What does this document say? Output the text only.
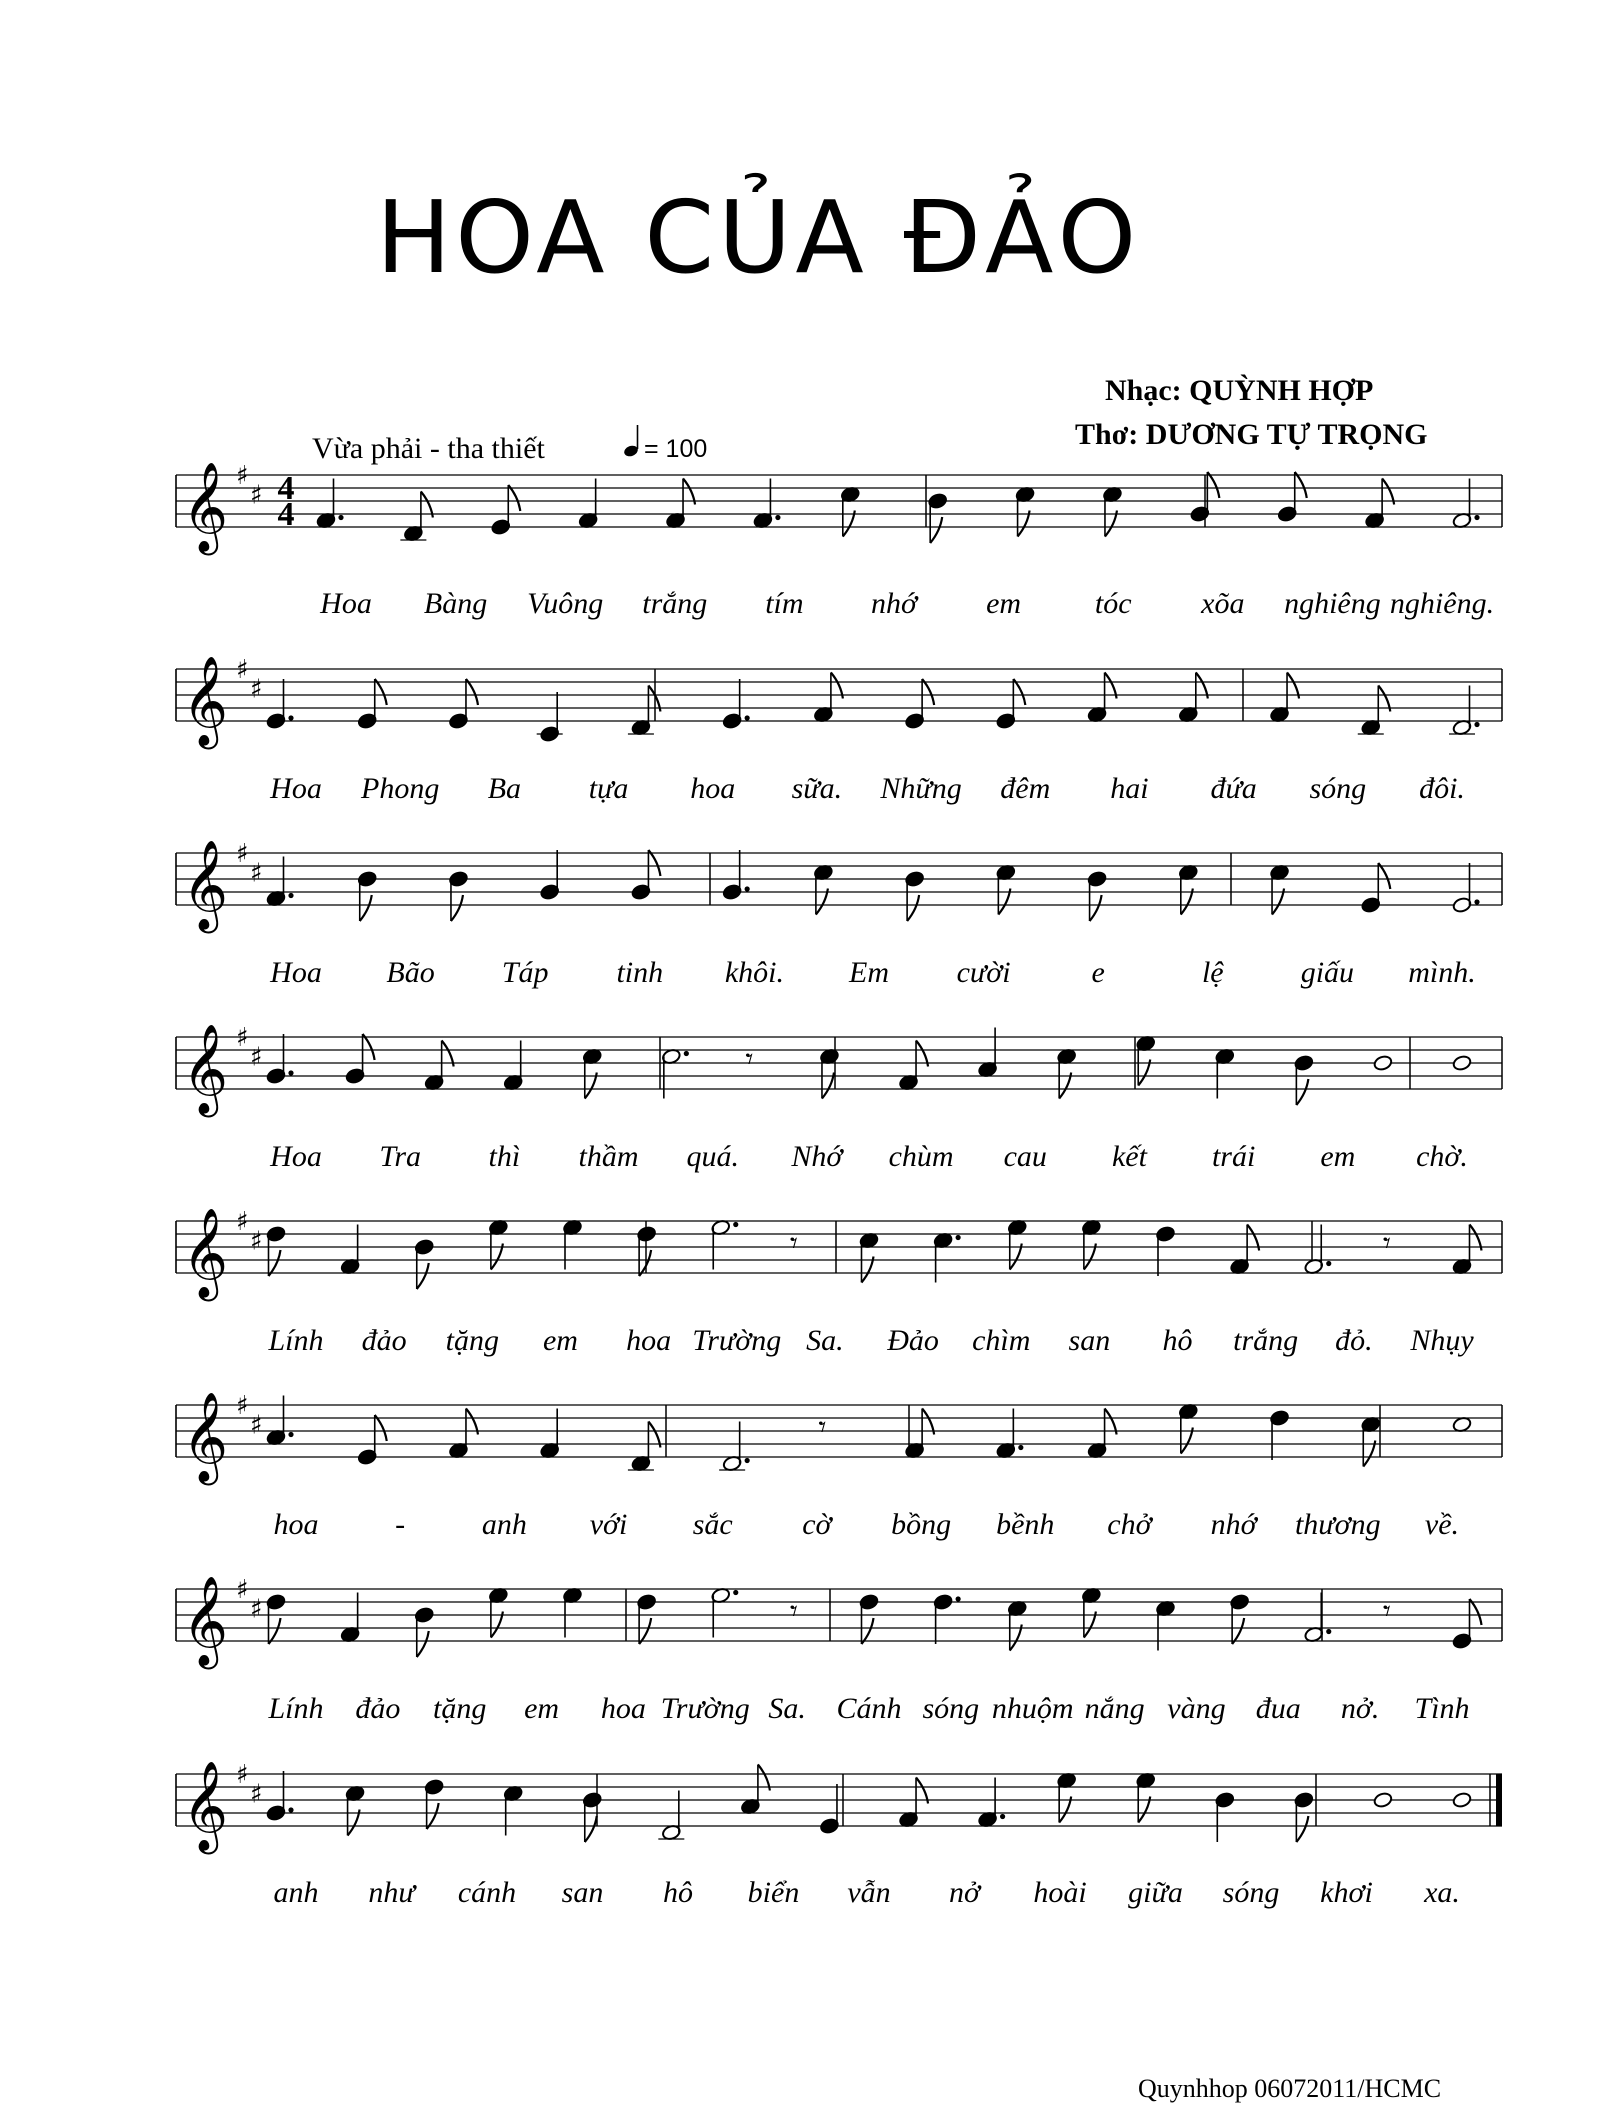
HOA CỦA ĐẢO
Nhạc: QUỲNH HỢP
Thơ: DƯƠNG TỰ TRỌNG
Vừa phải - tha thiết	= 100
𝄞 ♯
♯ 4
4
Hoa Bàng Vuông trắng tím nhớ em tóc xõa nghiêng nghiêng.
𝄞 ♯
♯
Hoa Phong Ba tựa hoa sữa. Những đêm hai đứa sóng đôi.
𝄞 ♯
♯
Hoa Bão Táp tinh khôi. Em cười	e	lệ	giấu mình.
𝄞 ♯
♯	𝄾
Hoa Tra thì thầm quá. Nhớ chùm cau kết trái em chờ.
𝄞 ♯
♯	𝄾	𝄾
Lính đảo tặng em hoa Trường Sa. Đảo chìm san hô trắng đỏ. Nhụy
𝄞 ♯
♯	𝄾
hoa	-	anh với sắc cờ bồng bềnh chở nhớ thương về.
𝄞 ♯
♯	𝄾	𝄾
Lính đảo tặng em hoa Trường Sa. Cánh sóng nhuộm nắng vàng đua nở. Tình
𝄞 ♯
♯
anh như cánh san hô biển vẫn nở hoài giữa sóng khơi xa.
Quynhhop 06072011/HCMC
